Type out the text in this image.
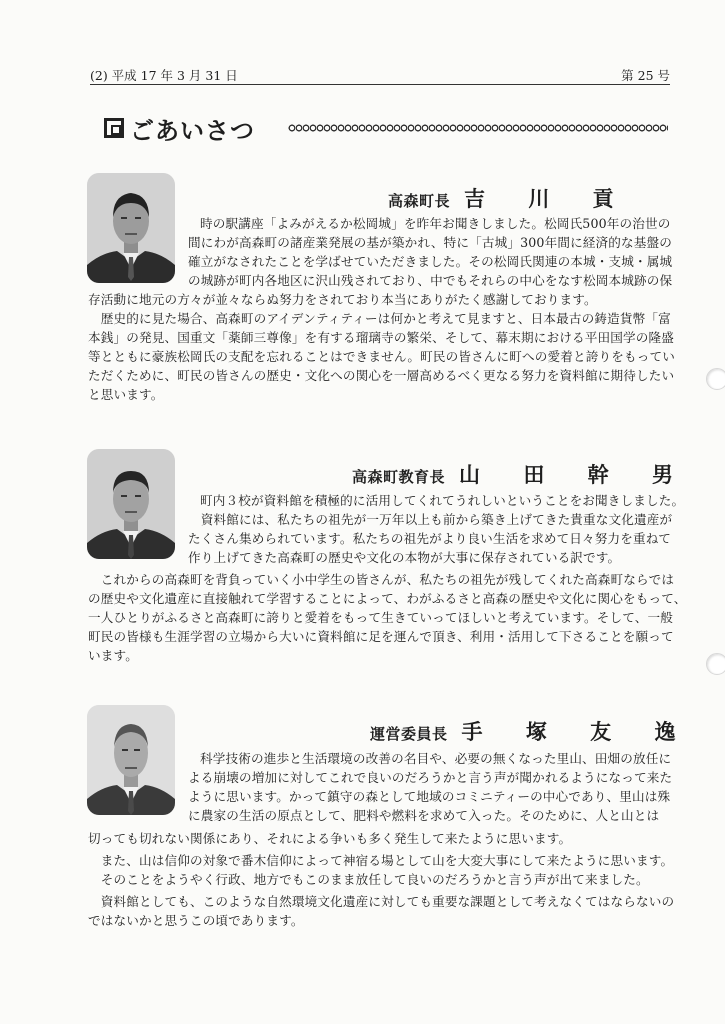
(2) 平成 17 年 3 月 31 日	第 25 号
ごあいさつ
高森町長 吉 川 貢
時の駅講座「よみがえるか松岡城」を昨年お聞きしました。松岡氏500年の治世の
間にわが高森町の諸産業発展の基が築かれ、特に「古城」300年間に経済的な基盤の
確立がなされたことを学ばせていただきました。その松岡氏関連の本城・支城・属城
の城跡が町内各地区に沢山残されており、中でもそれらの中心をなす松岡本城跡の保
存活動に地元の方々が並々ならぬ努力をされており本当にありがたく感謝しております。
　歴史的に見た場合、高森町のアイデンティティーは何かと考えて見ますと、日本最古の鋳造貨幣「富
本銭」の発見、国重文「薬師三尊像」を有する瑠璃寺の繁栄、そして、幕末期における平田国学の隆盛
等とともに豪族松岡氏の支配を忘れることはできません。町民の皆さんに町への愛着と誇りをもってい
ただくために、町民の皆さんの歴史・文化への関心を一層高めるべく更なる努力を資料館に期待したい
と思います。
高森町教育長 山 田 幹 男
町内３校が資料館を積極的に活用してくれてうれしいということをお聞きしました。
　資料館には、私たちの祖先が一万年以上も前から築き上げてきた貴重な文化遺産が
たくさん集められています。私たちの祖先がより良い生活を求めて日々努力を重ねて
作り上げてきた高森町の歴史や文化の本物が大事に保存されている訳です。
　これからの高森町を背負っていく小中学生の皆さんが、私たちの祖先が残してくれた高森町ならでは
の歴史や文化遺産に直接触れて学習することによって、わがふるさと高森の歴史や文化に関心をもって、
一人ひとりがふるさと高森町に誇りと愛着をもって生きていってほしいと考えています。そして、一般
町民の皆様も生涯学習の立場から大いに資料館に足を運んで頂き、利用・活用して下さることを願って
います。
運営委員長 手 塚 友 逸
科学技術の進歩と生活環境の改善の名目や、必要の無くなった里山、田畑の放任に
よる崩壊の増加に対してこれで良いのだろうかと言う声が聞かれるようになって来た
ように思います。かって鎮守の森として地域のコミニティーの中心であり、里山は殊
に農家の生活の原点として、肥料や燃料を求めて入った。そのために、人と山とは
切っても切れない関係にあり、それによる争いも多く発生して来たように思います。
　また、山は信仰の対象で番木信仰によって神宿る場として山を大変大事にして来たように思います。
　そのことをようやく行政、地方でもこのまま放任して良いのだろうかと言う声が出て来ました。
　資料館としても、このような自然環境文化遺産に対しても重要な課題として考えなくてはならないの
ではないかと思うこの頃であります。
